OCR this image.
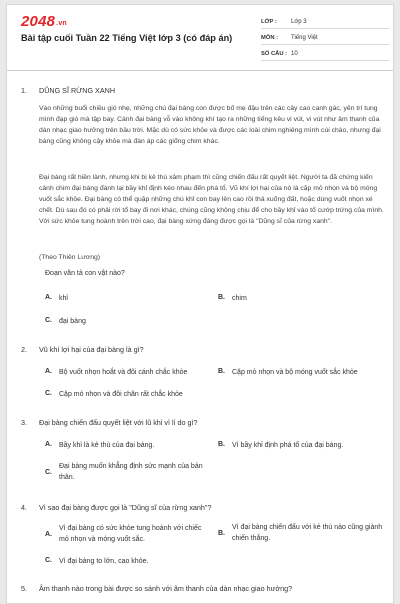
2048.vn
Bài tập cuối Tuần 22 Tiếng Việt lớp 3 (có đáp án)
LỚP :	Lớp 3
MÔN :	Tiếng Việt
SỐ CÂU : 10
1. DŨNG SĨ RỪNG XANH
Vào những buổi chiều gió nhẹ, những chú đại bàng con được bố mẹ đậu trên các cây cao canh gác, yên trí tung mình đạp gió mà tập bay. Cánh đại bàng vỗ vào không khí tạo ra những tiếng kêu vi vút, vi vút như âm thanh của dàn nhạc giao hưởng trên bầu trời. Mặc dù có sức khỏe và được các loài chim nghiêng mình cúi chào, nhưng đại bàng cũng không cậy khỏe mà đàn áp các giống chim khác.
Đại bàng rất hiền lành, nhưng khi bị kẻ thù xâm phạm thì cũng chiến đấu rất quyết liệt. Người ta đã chứng kiến cảnh chim đại bàng đánh lại bầy khỉ định kéo nhau đến phá tổ. Vũ khí lợi hại của nó là cặp mỏ nhọn và bộ móng vuốt sắc khỏe. Đại bàng có thể quặp những chú khỉ con bay lên cao rồi thả xuống đất, hoặc dùng vuốt nhọn xé chết. Dù sau đó có phải rời tổ bay đi nơi khác, chúng cũng không chịu để cho bầy khỉ vào tổ cướp trứng của mình. Với sức khỏe tung hoành trên trời cao, đại bàng xứng đáng được gọi là "Dũng sĩ của rừng xanh".
(Theo Thiên Lương)
Đoạn văn tả con vật nào?
A.	khỉ	B.	chim
C.	đại bàng
2. Vũ khí lợi hại của đại bàng là gì?
A.	Bộ vuốt nhọn hoắt và đôi cánh chắc khỏe	B.	Cặp mỏ nhọn và bộ móng vuốt sắc khỏe
C.	Cặp mỏ nhọn và đôi chân rất chắc khỏe
3. Đại bàng chiến đấu quyết liệt với lũ khỉ vì lí do gì?
A.	Bầy khỉ là kẻ thù của đại bàng.	B.	Vì bầy khỉ định phá tổ của đại bàng.
C.
Đại bàng muốn khẳng định sức mạnh của bản thân.
4. Vì sao đại bàng được gọi là "Dũng sĩ của rừng xanh"?
A.
Vì đại bàng có sức khỏe tung hoành với chiếc mỏ nhọn và móng vuốt sắc.
B.
Vì đại bàng chiến đấu với kẻ thù nào cũng giành chiến thắng.
C.	Vì đại bàng to lớn, cao khỏe.
5. Âm thanh nào trong bài được so sánh với âm thanh của dàn nhạc giao hưởng?
